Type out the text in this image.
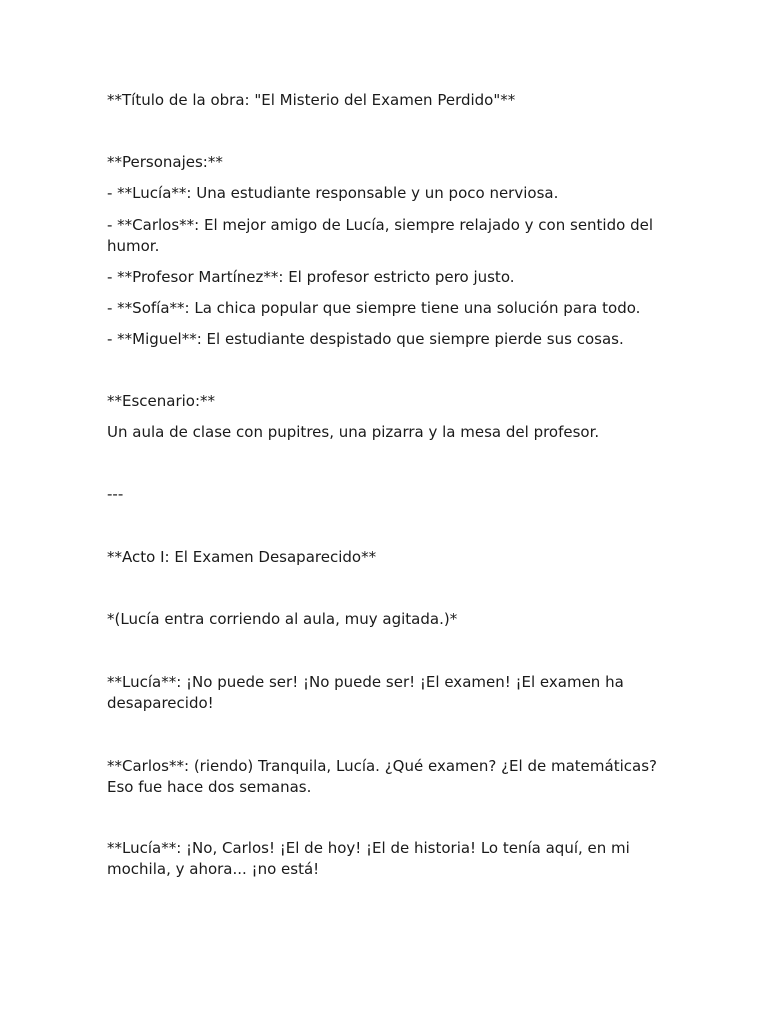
**Título de la obra: "El Misterio del Examen Perdido"**
**Personajes:**
- **Lucía**: Una estudiante responsable y un poco nerviosa.
- **Carlos**: El mejor amigo de Lucía, siempre relajado y con sentido del humor.
- **Profesor Martínez**: El profesor estricto pero justo.
- **Sofía**: La chica popular que siempre tiene una solución para todo.
- **Miguel**: El estudiante despistado que siempre pierde sus cosas.
**Escenario:**
Un aula de clase con pupitres, una pizarra y la mesa del profesor.
---
**Acto I: El Examen Desaparecido**
*(Lucía entra corriendo al aula, muy agitada.)*
**Lucía**: ¡No puede ser! ¡No puede ser! ¡El examen! ¡El examen ha desaparecido!
**Carlos**: (riendo) Tranquila, Lucía. ¿Qué examen? ¿El de matemáticas? Eso fue hace dos semanas.
**Lucía**: ¡No, Carlos! ¡El de hoy! ¡El de historia! Lo tenía aquí, en mi mochila, y ahora... ¡no está!
